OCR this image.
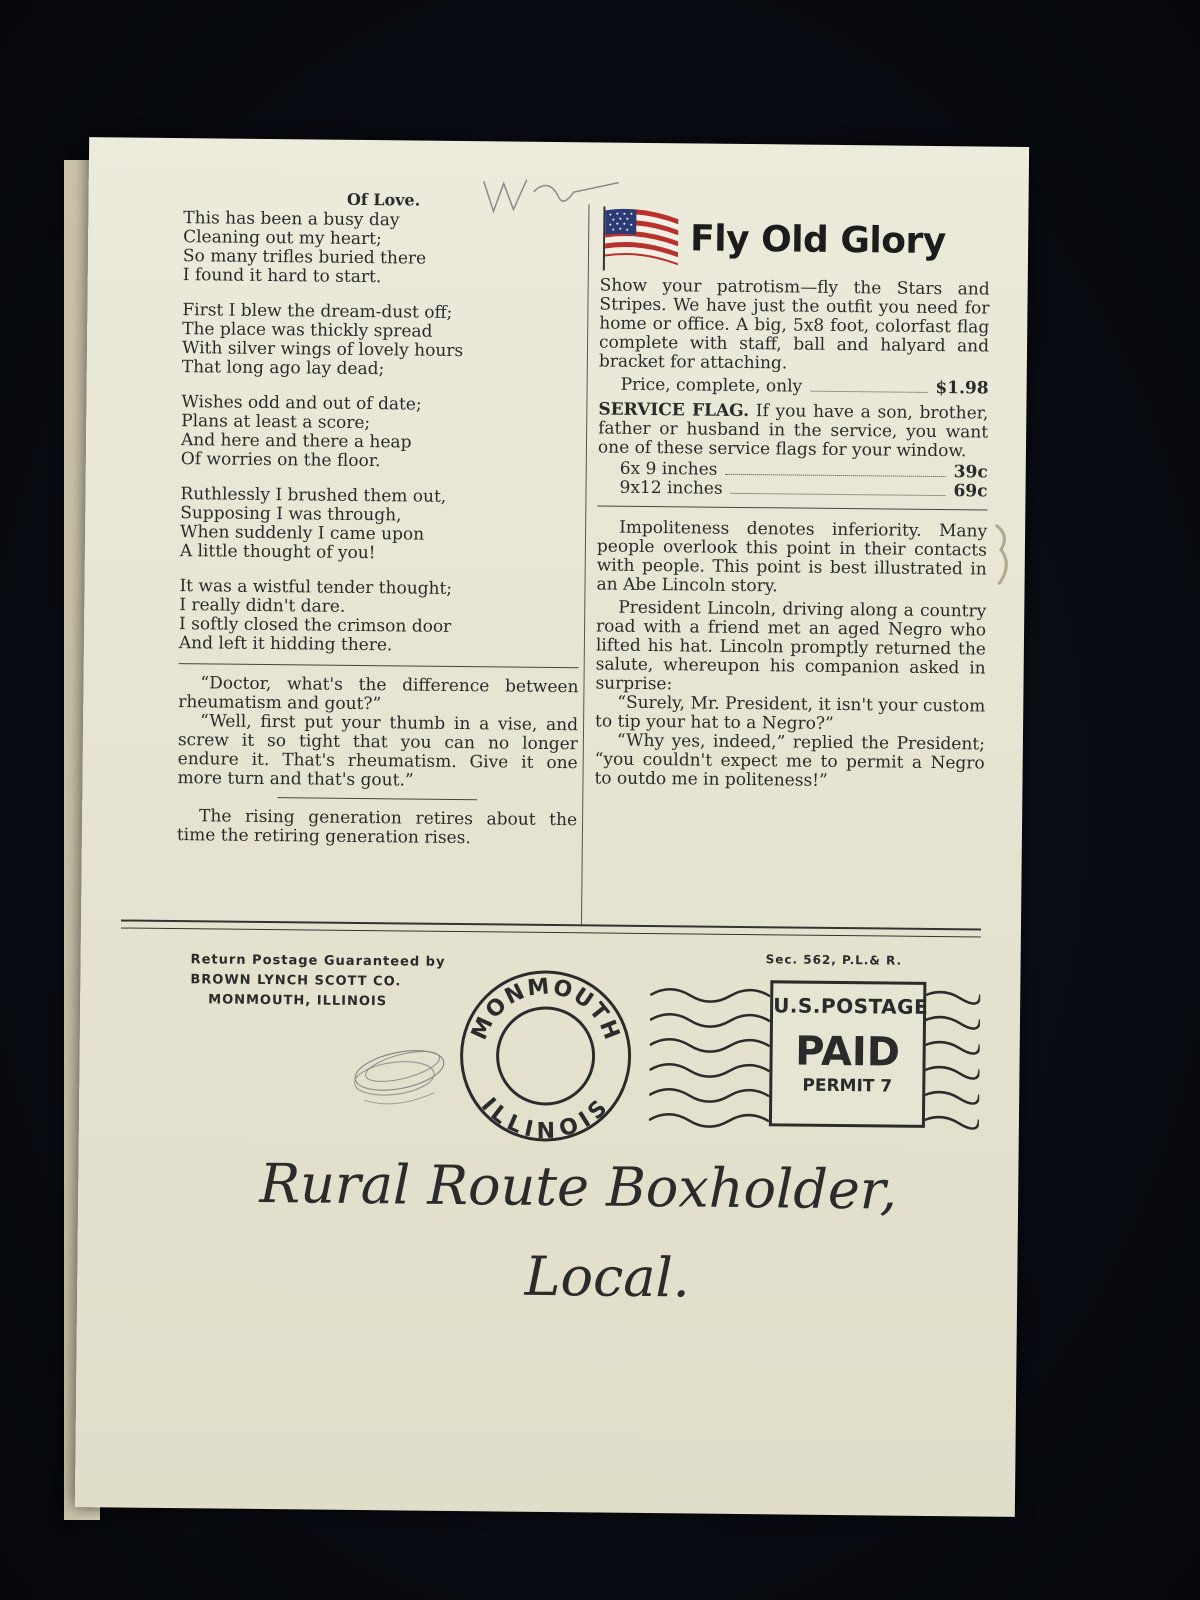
Of Love.

This has been a busy day

Cleaning out my heart;

So many trifles buried there

I found it hard to start.

First I blew the dream-dust off;

The place was thickly spread

With silver wings of lovely hours

That long ago lay dead;

Wishes odd and out of date;

Plans at least a score;

And here and there a heap

Of worries on the floor.

Ruthlessly I brushed them out,

Supposing I was through,

When suddenly I came upon

A little thought of you!

It was a wistful tender thought;

I really didn't dare.

I softly closed the crimson door

And left it hidding there.

“Doctor, what's the difference between rheumatism and gout?”

“Well, first put your thumb in a vise, and screw it so tight that you can no longer endure it. That's rheumatism. Give it one more turn and that's gout.”

The rising generation retires about the time the retiring generation rises.

Fly Old Glory

Show your patrotism—fly the Stars and Stripes. We have just the outfit you need for home or office. A big, 5x8 foot, colorfast flag complete with staff, ball and halyard and bracket for attaching.

Price, complete, only	$1.98

SERVICE FLAG. If you have a son, brother, father or husband in the service, you want one of these service flags for your window.

6x 9 inches	39c
9x12 inches	69c

Impoliteness denotes inferiority. Many people overlook this point in their contacts with people. This point is best illustrated in an Abe Lincoln story.

President Lincoln, driving along a country road with a friend met an aged Negro who lifted his hat. Lincoln promptly returned the salute, whereupon his companion asked in surprise:

“Surely, Mr. President, it isn't your custom to tip your hat to a Negro?”

“Why yes, indeed,” replied the President; “you couldn't expect me to permit a Negro to outdo me in politeness!”

Return Postage Guaranteed by

BROWN LYNCH SCOTT CO.

MONMOUTH, ILLINOIS

MONMOUTH
ILLINOIS
Sec. 562, P.L.& R.
U.S.POSTAGE
PAID
PERMIT 7

Rural Route Boxholder,

Local.
